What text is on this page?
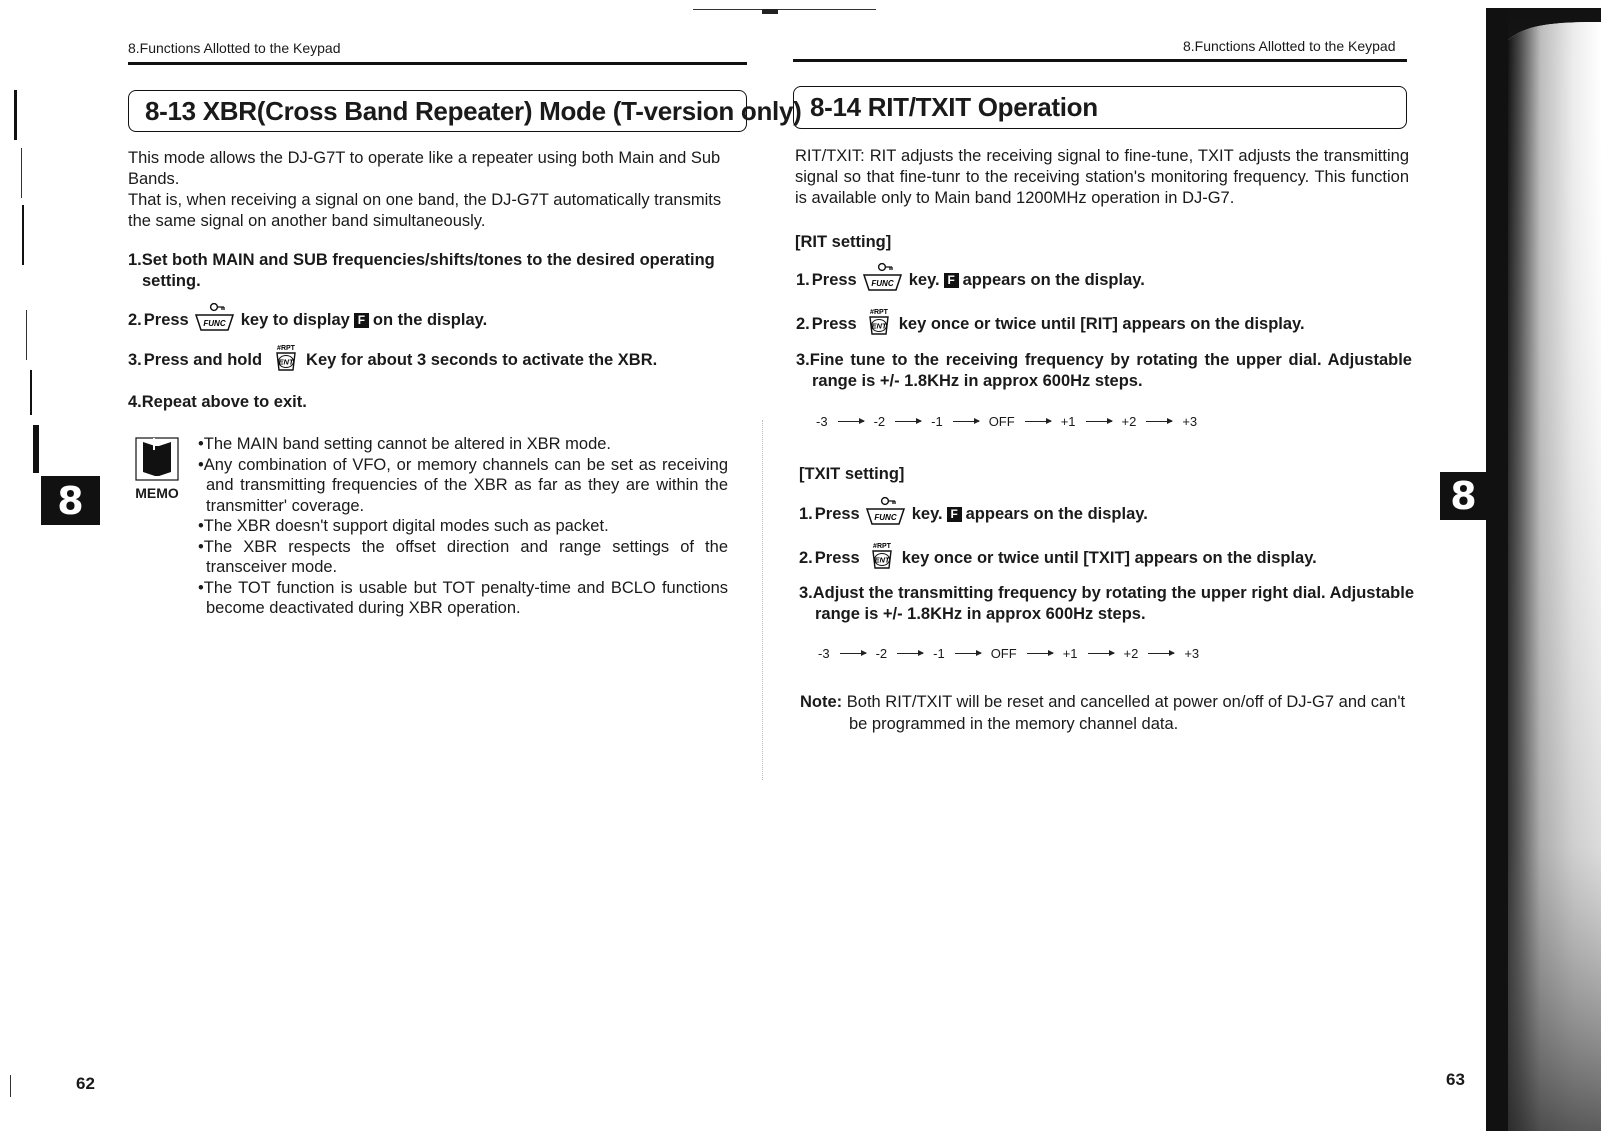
8.Functions Allotted to the Keypad
8-13 XBR(Cross Band Repeater) Mode (T-version only)
This mode allows the DJ-G7T to operate like a repeater using both Main and Sub Bands.
That is, when receiving a signal on one band, the DJ-G7T automatically transmits the same signal on another band simultaneously.
1.Set both MAIN and SUB frequencies/shifts/tones to the desired operating setting.
2. Press FUNC key to display F on the display.
3. Press and hold
#RPT
ENT Key for about 3 seconds to activate the XBR.
4. Repeat above to exit.
MEMO
•The MAIN band setting cannot be altered in XBR mode.
•Any combination of VFO, or memory channels can be set as receiving and transmitting frequencies of the XBR as far as they are within the transmitter' coverage.
•The XBR doesn't support digital modes such as packet.
•The XBR respects the offset direction and range settings of the transceiver mode.
•The TOT function is usable but TOT penalty-time and BCLO functions become deactivated during XBR operation.
8
62
8.Functions Allotted to the Keypad
8-14 RIT/TXIT Operation
RIT/TXIT: RIT adjusts the receiving signal to fine-tune, TXIT adjusts the transmitting signal so that fine-tunr to the receiving station's monitoring frequency. This function is available only to Main band 1200MHz operation in DJ-G7.
[RIT setting]
1. Press FUNC key. F appears on the display.
2. Press
#RPT
ENT key once or twice until [RIT] appears on the display.
3.Fine tune to the receiving frequency by rotating the upper dial. Adjustable range is +/- 1.8KHz in approx 600Hz steps.
-3	-2	-1	OFF	+1	+2	+3
[TXIT setting]
1. Press FUNC key. F appears on the display.
2. Press
#RPT
ENT key once or twice until [TXIT] appears on the display.
3.Adjust the transmitting frequency by rotating the upper right dial. Adjustable range is +/- 1.8KHz in approx 600Hz steps.
-3	-2	-1	OFF	+1	+2	+3
Note: Both RIT/TXIT will be reset and cancelled at power on/off of DJ-G7 and can't be programmed in the memory channel data.
8
63
